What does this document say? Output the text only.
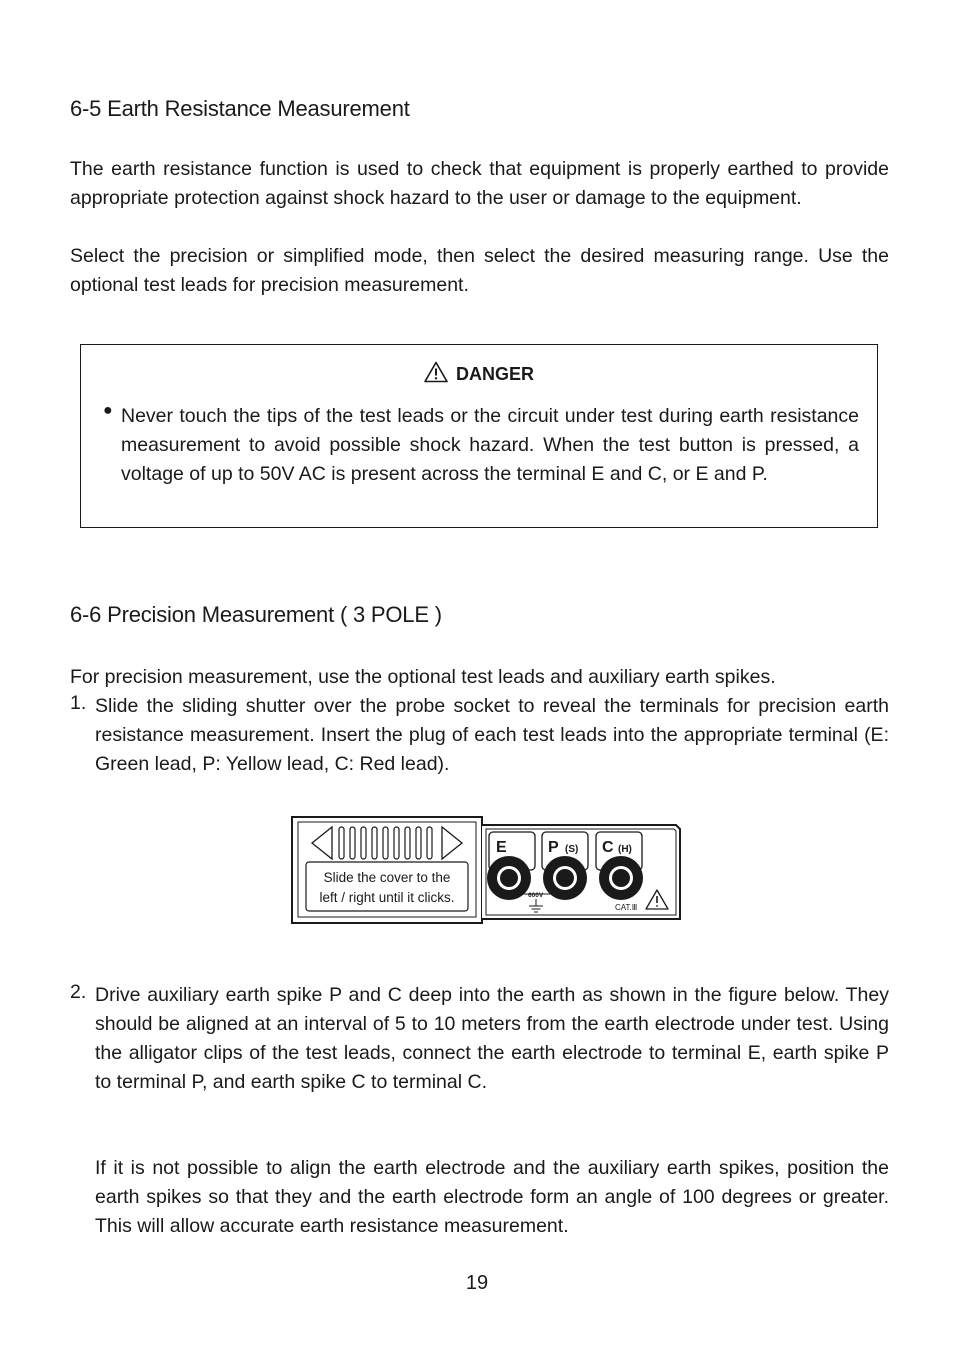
6-5 Earth Resistance Measurement

The earth resistance function is used to check that equipment is properly earthed to provide appropriate protection against shock hazard to the user or damage to the equipment.

Select the precision or simplified mode, then select the desired measuring range. Use the optional test leads for precision measurement.

DANGER
● Never touch the tips of the test leads or the circuit under test during earth resistance measurement to avoid possible shock hazard. When the test button is pressed, a voltage of up to 50V AC is present across the terminal E and C, or E and P.

6-6 Precision Measurement ( 3 POLE )

For precision measurement, use the optional test leads and auxiliary earth spikes.

1. Slide the sliding shutter over the probe socket to reveal the terminals for precision earth resistance measurement. Insert the plug of each test leads into the appropriate terminal (E: Green lead, P: Yellow lead, C: Red lead).

Slide the cover to the
left / right until it clicks.
E	P (S) C (H)
600V
CAT.Ⅲ
2. Drive auxiliary earth spike P and C deep into the earth as shown in the figure below. They should be aligned at an interval of 5 to 10 meters from the earth electrode under test. Using the alligator clips of the test leads, connect the earth electrode to terminal E, earth spike P to terminal P, and earth spike C to terminal C.

If it is not possible to align the earth electrode and the auxiliary earth spikes, position the earth spikes so that they and the earth electrode form an angle of 100 degrees or greater. This will allow accurate earth resistance measurement.

19
